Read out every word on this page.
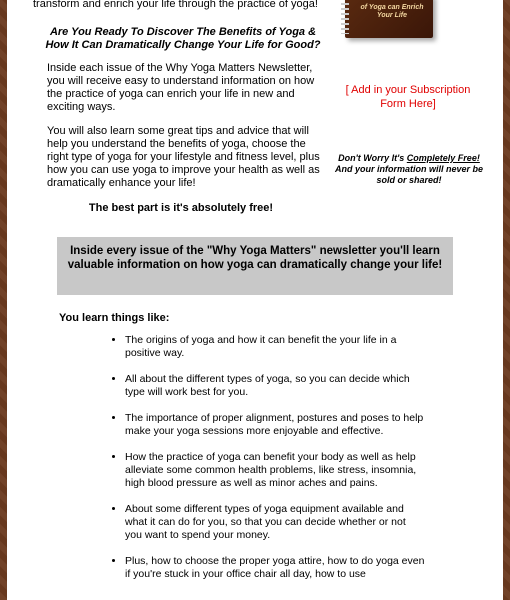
transform and enrich your life through the practice of yoga!
Are You Ready To Discover The Benefits of Yoga & How It Can Dramatically Change Your Life for Good?
Inside each issue of the Why Yoga Matters Newsletter, you will receive easy to understand information on how the practice of yoga can enrich your life in new and exciting ways.
You will also learn some great tips and advice that will help you understand the benefits of yoga, choose the right type of yoga for your lifestyle and fitness level, plus how you can use yoga to improve your health as well as dramatically enhance your life!
The best part is it's absolutely free!
of Yoga can Enrich Your Life
[ Add in your Subscription Form Here]
Don't Worry It's Completely Free!
And your information will never be sold or shared!
Inside every issue of the "Why Yoga Matters" newsletter you'll learn valuable information on how yoga can dramatically change your life!
You learn things like:
• The origins of yoga and how it can benefit the your life in a positive way.
• All about the different types of yoga, so you can decide which type will work best for you.
• The importance of proper alignment, postures and poses to help make your yoga sessions more enjoyable and effective.
• How the practice of yoga can benefit your body as well as help alleviate some common health problems, like stress, insomnia, high blood pressure as well as minor aches and pains.
• About some different types of yoga equipment available and what it can do for you, so that you can decide whether or not you want to spend your money.
• Plus, how to choose the proper yoga attire, how to do yoga even if you're stuck in your office chair all day, how to use
